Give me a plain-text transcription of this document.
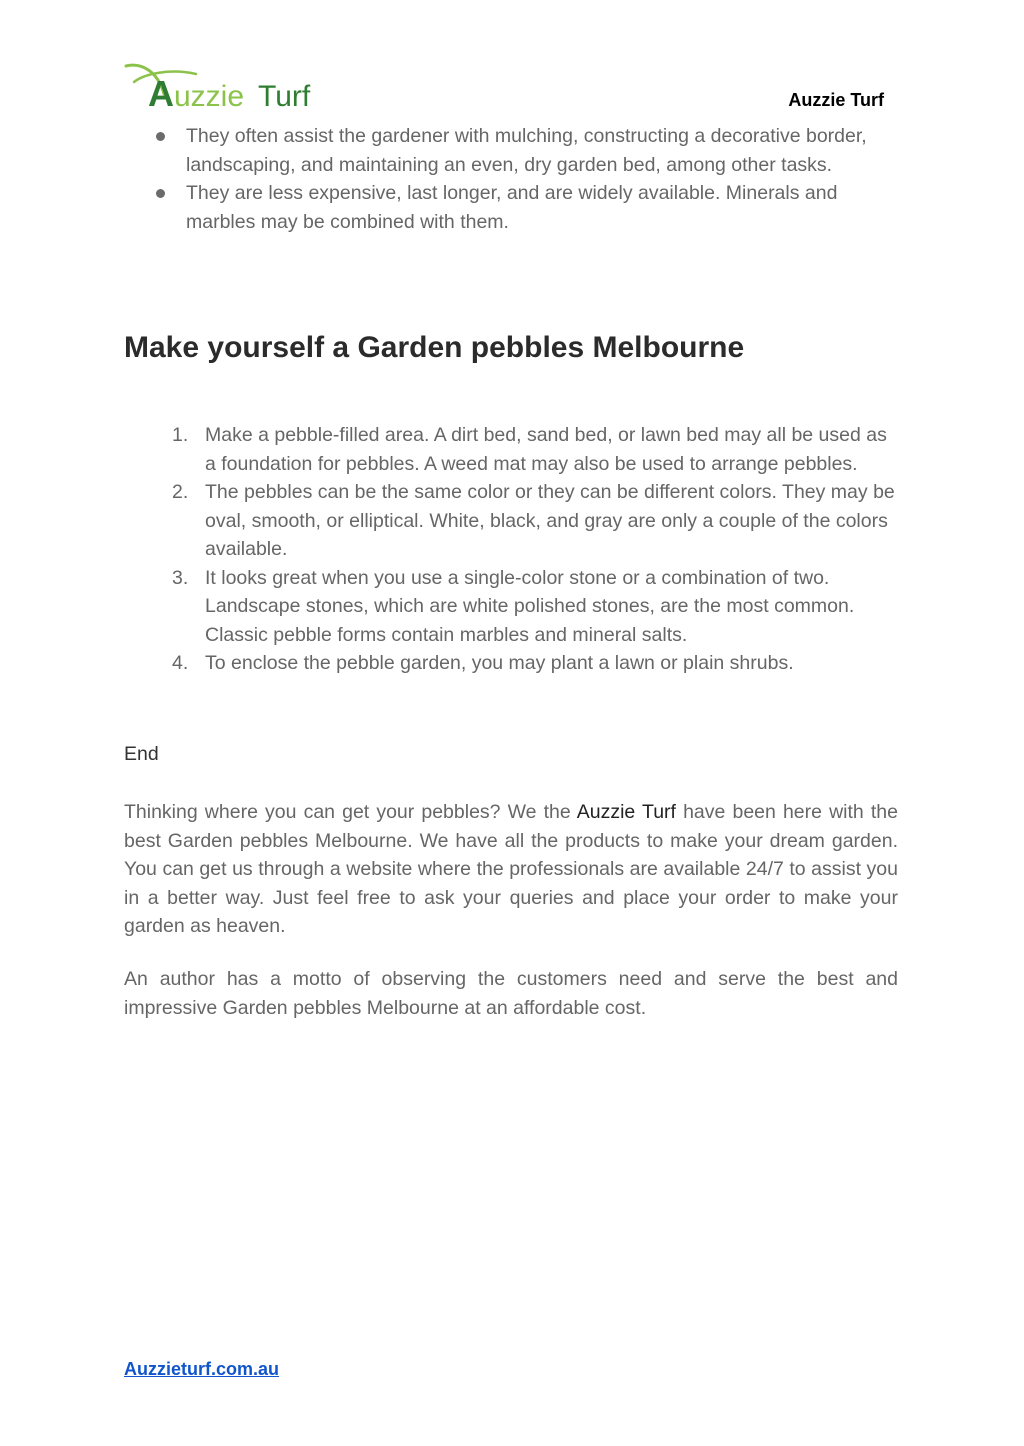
A uzzie Turf	Auzzie Turf
They often assist the gardener with mulching, constructing a decorative border, landscaping, and maintaining an even, dry garden bed, among other tasks.
They are less expensive, last longer, and are widely available. Minerals and marbles may be combined with them.
Make yourself a Garden pebbles Melbourne
1. Make a pebble-filled area. A dirt bed, sand bed, or lawn bed may all be used as a foundation for pebbles. A weed mat may also be used to arrange pebbles.
2. The pebbles can be the same color or they can be different colors. They may be oval, smooth, or elliptical. White, black, and gray are only a couple of the colors available.
3. It looks great when you use a single-color stone or a combination of two. Landscape stones, which are white polished stones, are the most common. Classic pebble forms contain marbles and mineral salts.
4. To enclose the pebble garden, you may plant a lawn or plain shrubs.
End

Thinking where you can get your pebbles? We the Auzzie Turf have been here with the best Garden pebbles Melbourne. We have all the products to make your dream garden. You can get us through a website where the professionals are available 24/7 to assist you in a better way. Just feel free to ask your queries and place your order to make your garden as heaven.

An author has a motto of observing the customers need and serve the best and impressive Garden pebbles Melbourne at an affordable cost.

Auzzieturf.com.au
